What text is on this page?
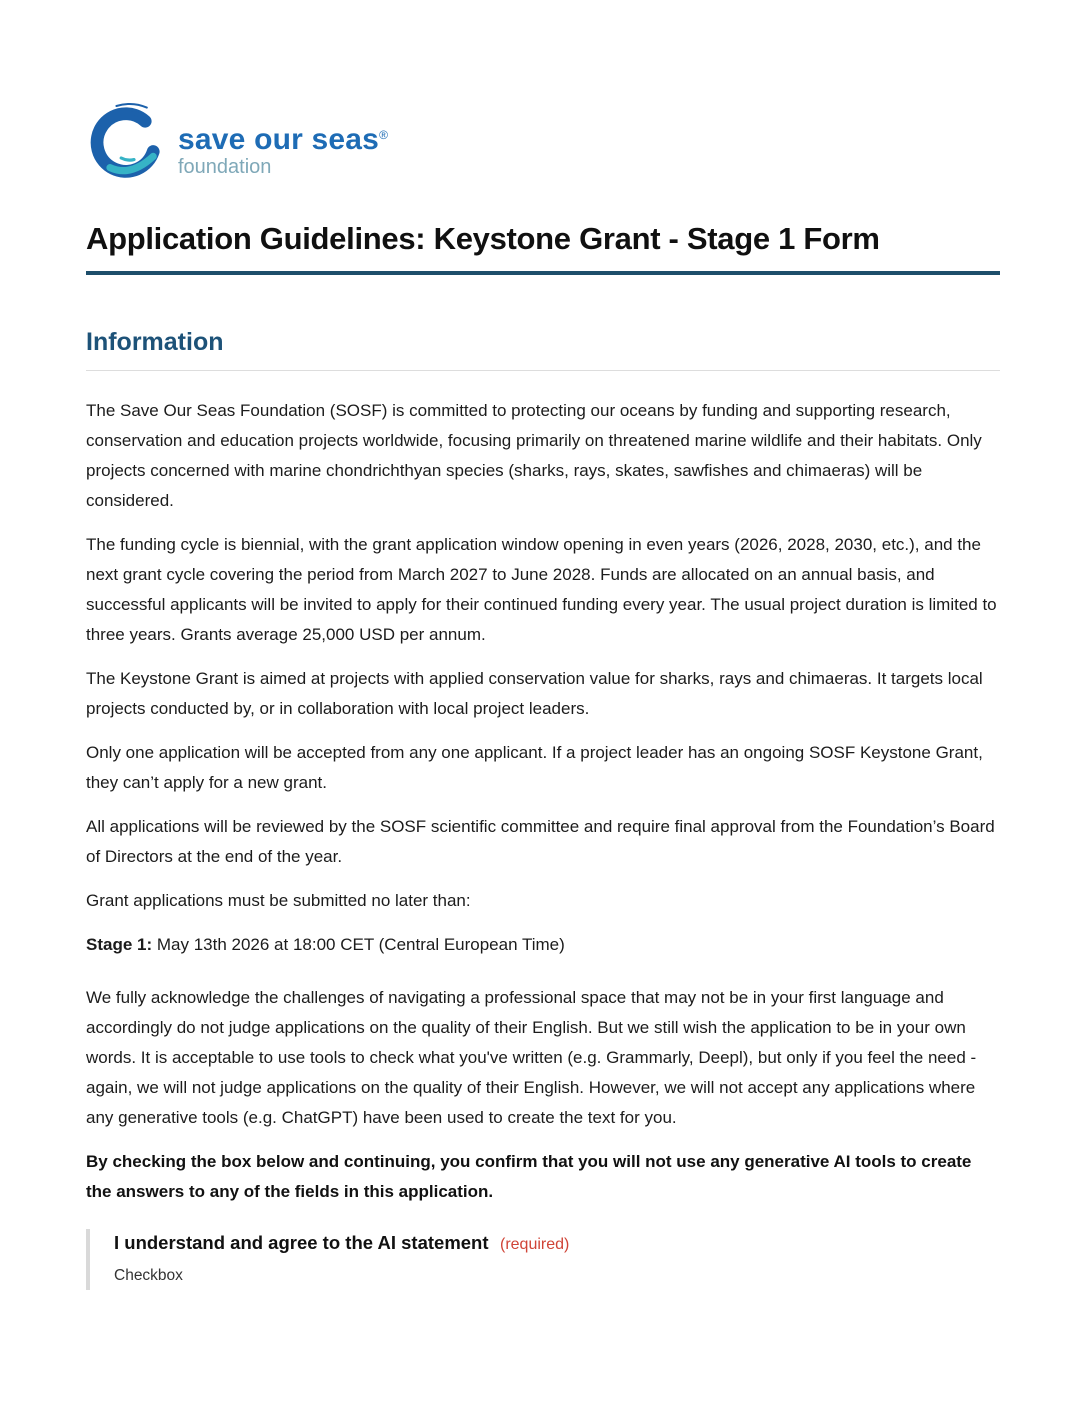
save our seas®
foundation
Application Guidelines: Keystone Grant - Stage 1 Form
Information

The Save Our Seas Foundation (SOSF) is committed to protecting our oceans by funding and supporting research, conservation and education projects worldwide, focusing primarily on threatened marine wildlife and their habitats. Only projects concerned with marine chondrichthyan species (sharks, rays, skates, sawfishes and chimaeras) will be considered.

The funding cycle is biennial, with the grant application window opening in even years (2026, 2028, 2030, etc.), and the next grant cycle covering the period from March 2027 to June 2028. Funds are allocated on an annual basis, and successful applicants will be invited to apply for their continued funding every year. The usual project duration is limited to three years. Grants average 25,000 USD per annum.

The Keystone Grant is aimed at projects with applied conservation value for sharks, rays and chimaeras. It targets local projects conducted by, or in collaboration with local project leaders.

Only one application will be accepted from any one applicant. If a project leader has an ongoing SOSF Keystone Grant, they can’t apply for a new grant.

All applications will be reviewed by the SOSF scientific committee and require final approval from the Foundation’s Board of Directors at the end of the year.

Grant applications must be submitted no later than:

Stage 1: May 13th 2026 at 18:00 CET (Central European Time)

We fully acknowledge the challenges of navigating a professional space that may not be in your first language and accordingly do not judge applications on the quality of their English. But we still wish the application to be in your own words. It is acceptable to use tools to check what you've written (e.g. Grammarly, Deepl), but only if you feel the need - again, we will not judge applications on the quality of their English. However, we will not accept any applications where any generative tools (e.g. ChatGPT) have been used to create the text for you.

By checking the box below and continuing, you confirm that you will not use any generative AI tools to create the answers to any of the fields in this application.

I understand and agree to the AI statement (required)
Checkbox
